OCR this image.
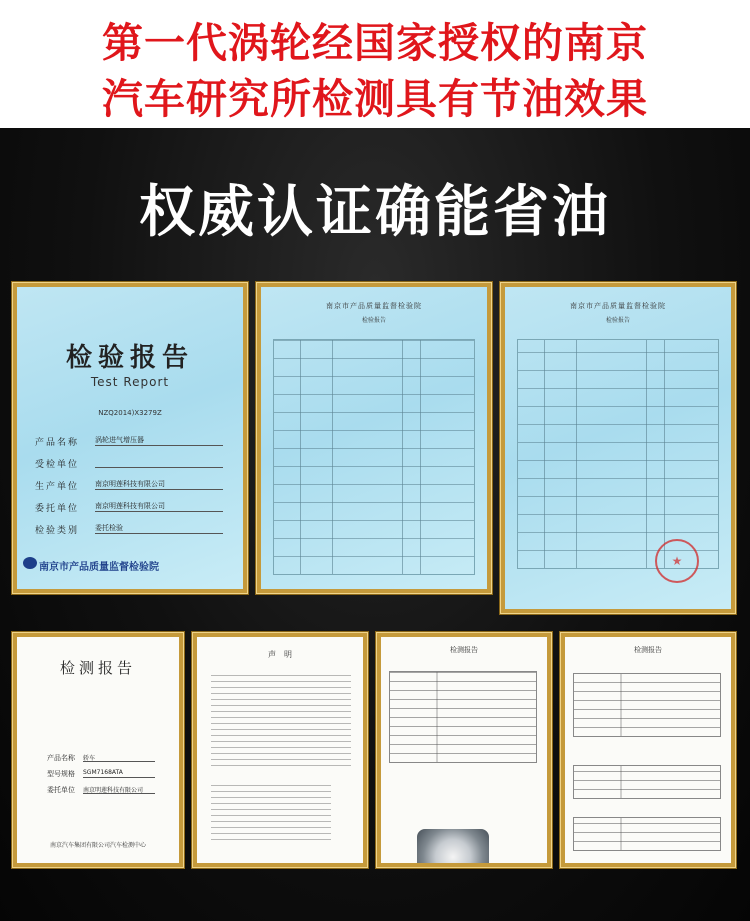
第一代涡轮经国家授权的南京
汽车研究所检测具有节油效果
权威认证确能省油
检验报告
Test Report
NZQ2014)X3279Z
产品名称	涡轮进气增压器
受检单位
生产单位	南京明莲科技有限公司
委托单位	南京明莲科技有限公司
检验类别	委托检验
南京市产品质量监督检验院
南京市产品质量监督检验院
检验报告
南京市产品质量监督检验院
检验报告
★
检测报告
产品名称 轿车
型号规格 SGM7168ATA
委托单位 南京明莲科技有限公司
南京汽车集团有限公司汽车检测中心
声　明	检测报告	检测报告
